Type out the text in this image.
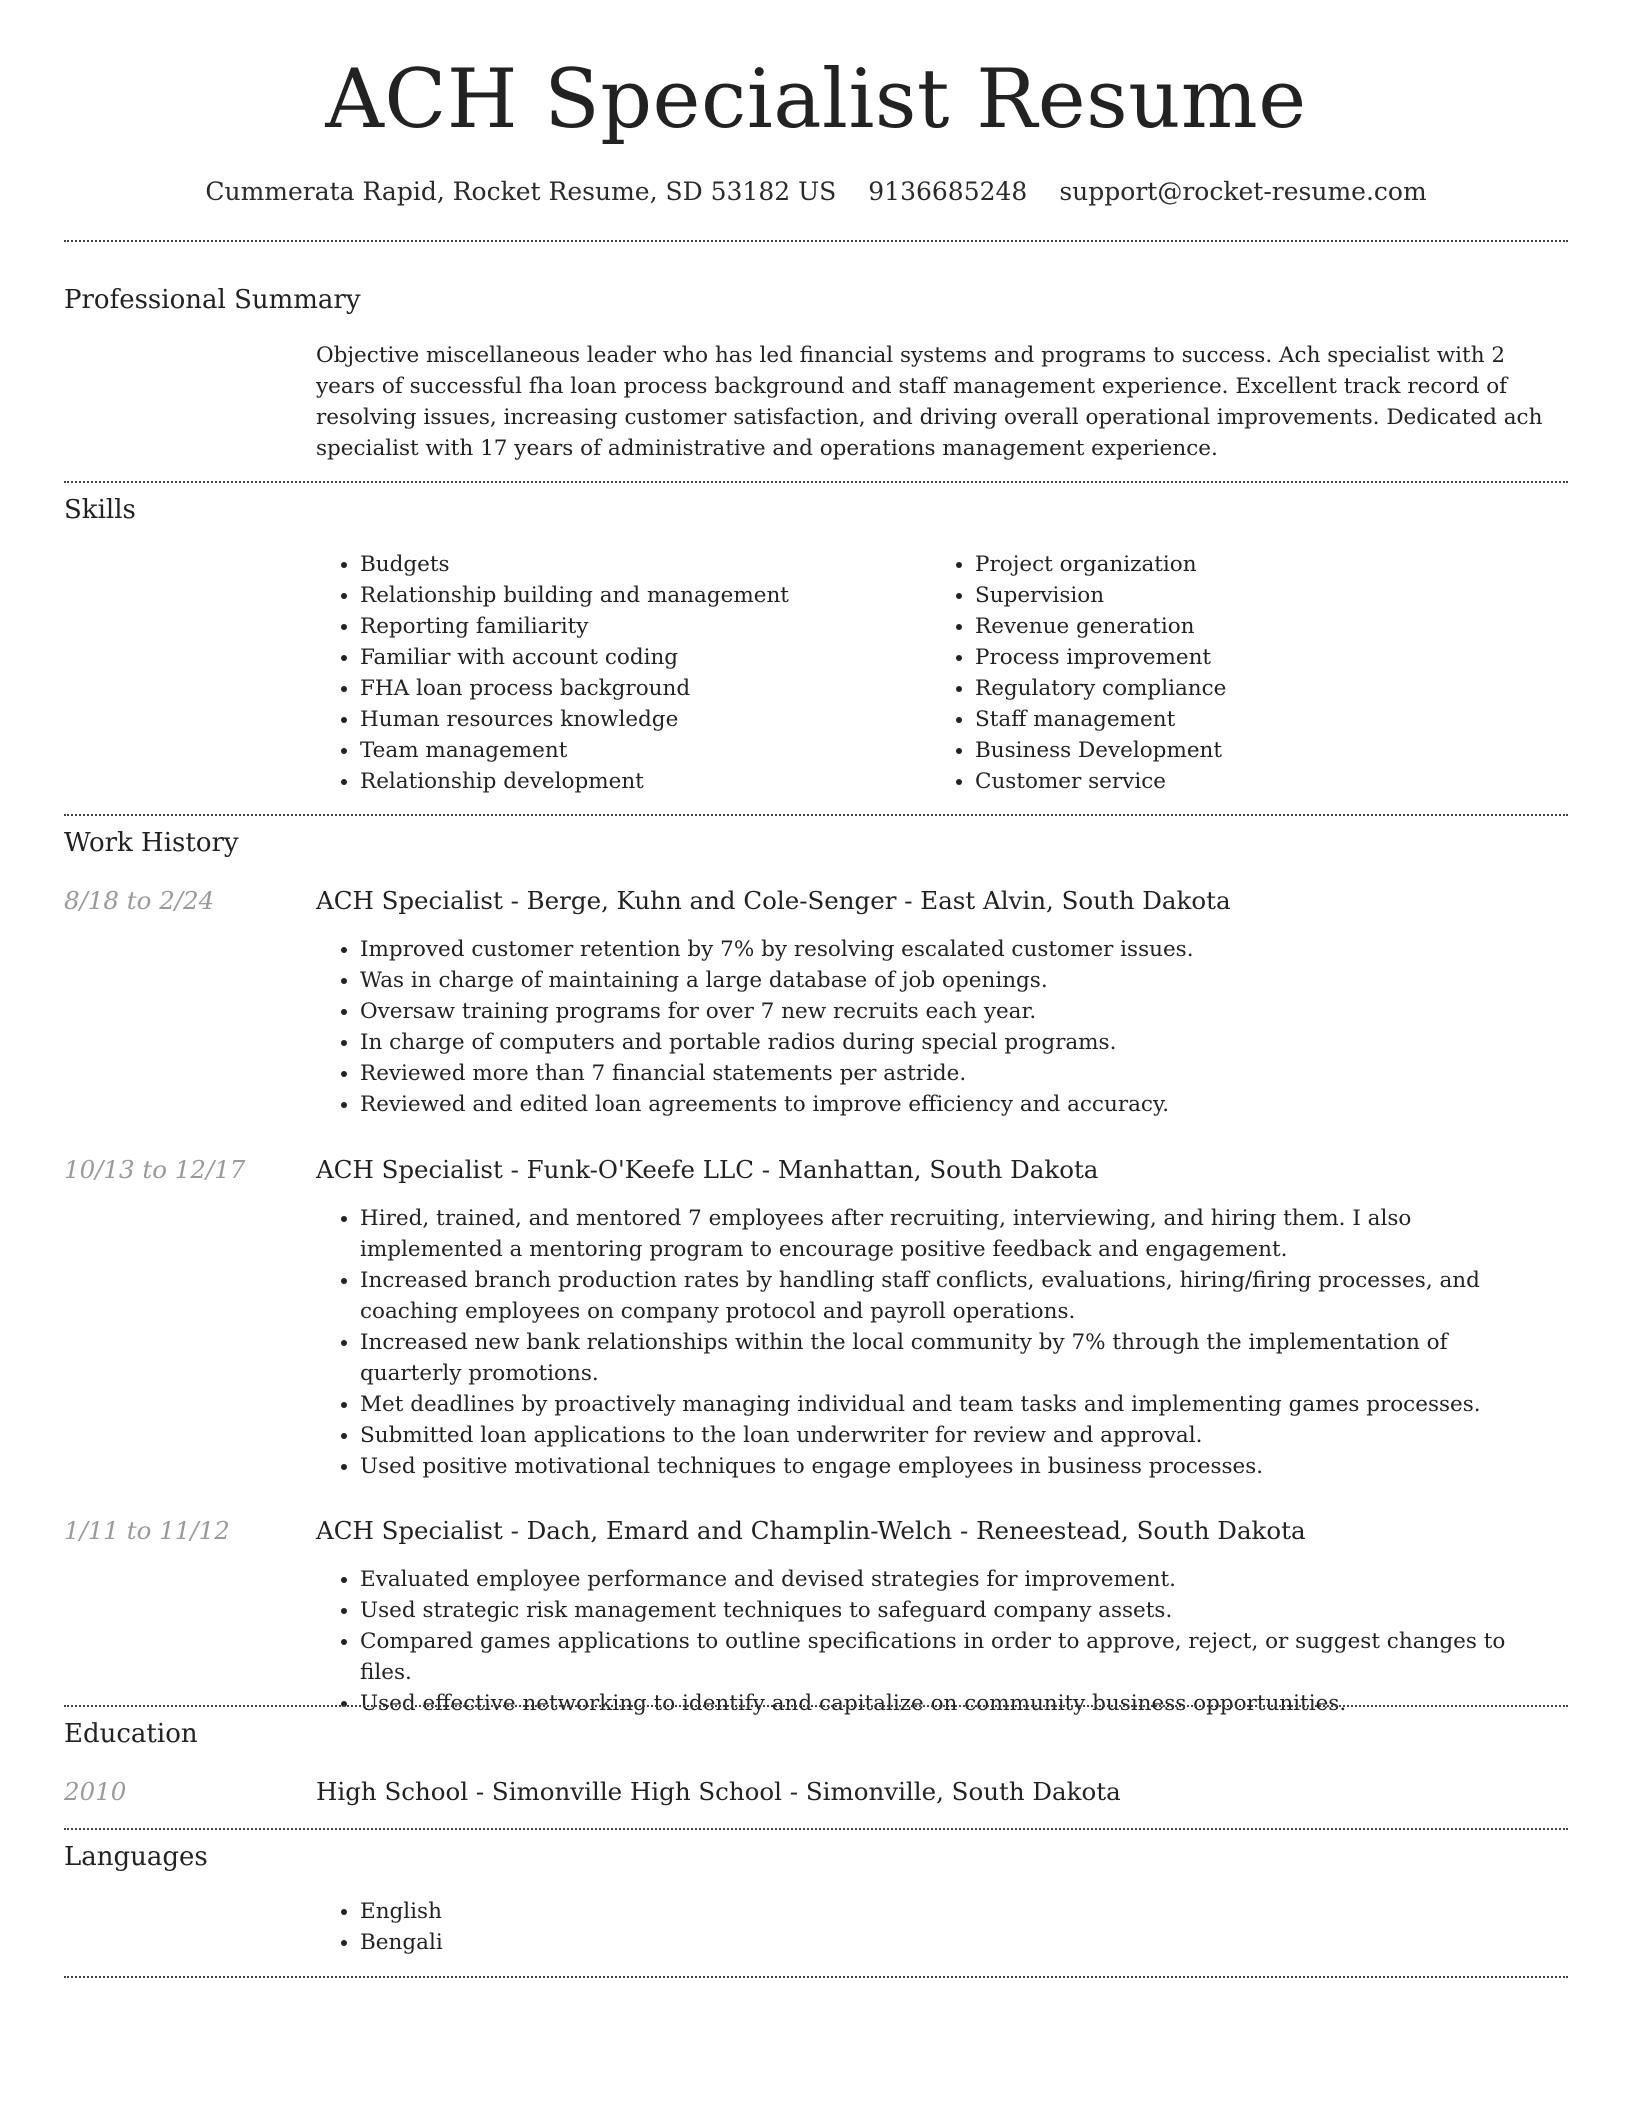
ACH Specialist Resume
Cummerata Rapid, Rocket Resume, SD 53182 US 9136685248 support@rocket-resume.com
Professional Summary

Objective miscellaneous leader who has led financial systems and programs to success. Ach specialist with 2 years of successful fha loan process background and staff management experience. Excellent track record of resolving issues, increasing customer satisfaction, and driving overall operational improvements. Dedicated ach specialist with 17 years of administrative and operations management experience.

Skills
• Budgets
• Relationship building and management
• Reporting familiarity
• Familiar with account coding
• FHA loan process background
• Human resources knowledge
• Team management
• Relationship development
• Project organization
• Supervision
• Revenue generation
• Process improvement
• Regulatory compliance
• Staff management
• Business Development
• Customer service
Work History
8/18 to 2/24	ACH Specialist - Berge, Kuhn and Cole-Senger - East Alvin, South Dakota
• Improved customer retention by 7% by resolving escalated customer issues.
• Was in charge of maintaining a large database of job openings.
• Oversaw training programs for over 7 new recruits each year.
• In charge of computers and portable radios during special programs.
• Reviewed more than 7 financial statements per astride.
• Reviewed and edited loan agreements to improve efficiency and accuracy.
10/13 to 12/17	ACH Specialist - Funk-O'Keefe LLC - Manhattan, South Dakota
• Hired, trained, and mentored 7 employees after recruiting, interviewing, and hiring them. I also implemented a mentoring program to encourage positive feedback and engagement.
• Increased branch production rates by handling staff conflicts, evaluations, hiring/firing processes, and coaching employees on company protocol and payroll operations.
• Increased new bank relationships within the local community by 7% through the implementation of quarterly promotions.
• Met deadlines by proactively managing individual and team tasks and implementing games processes.
• Submitted loan applications to the loan underwriter for review and approval.
• Used positive motivational techniques to engage employees in business processes.
1/11 to 11/12	ACH Specialist - Dach, Emard and Champlin-Welch - Reneestead, South Dakota
• Evaluated employee performance and devised strategies for improvement.
• Used strategic risk management techniques to safeguard company assets.
• Compared games applications to outline specifications in order to approve, reject, or suggest changes to files.
• Used effective networking to identify and capitalize on community business opportunities.
Education
2010	High School - Simonville High School - Simonville, South Dakota
Languages
• English
• Bengali
